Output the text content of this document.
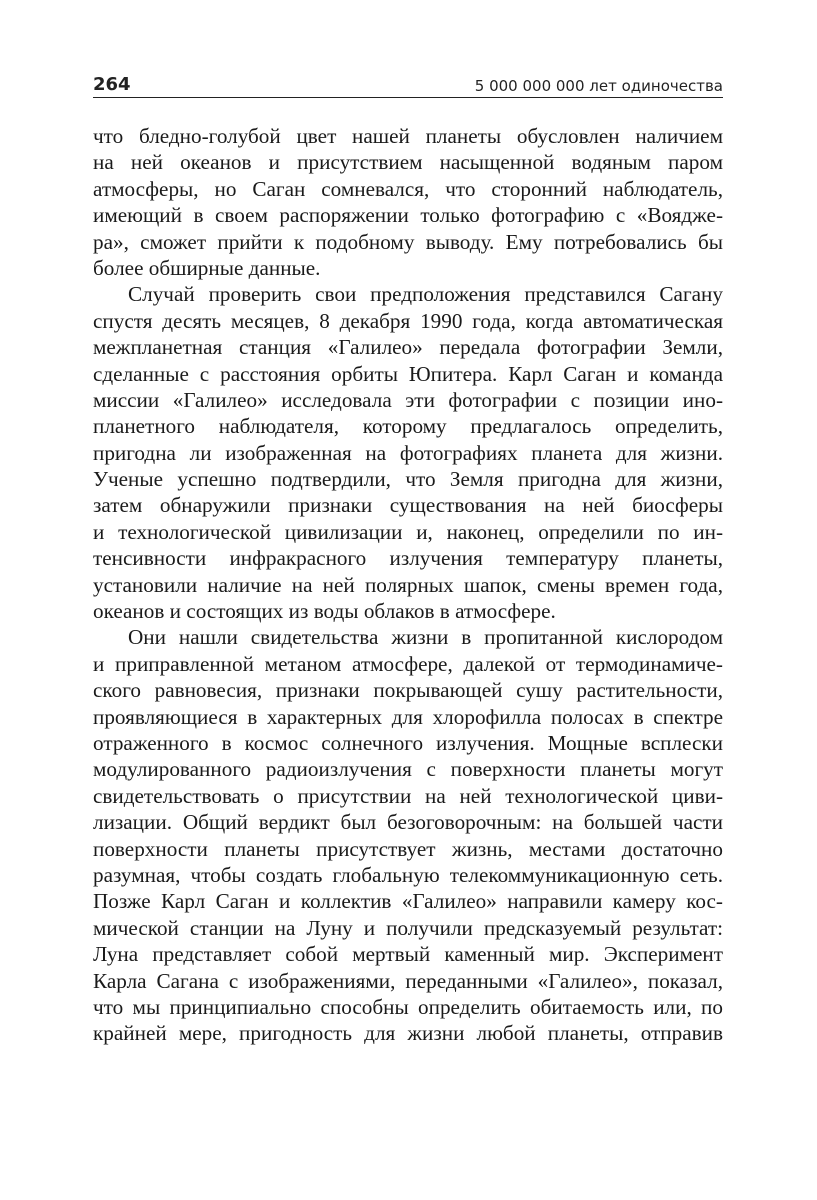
264	5 000 000 000 лет одиночества
что бледно-голубой цвет нашей планеты обусловлен наличием
на ней океанов и присутствием насыщенной водяным паром
атмосферы, но Саган сомневался, что сторонний наблюдатель,
имеющий в своем распоряжении только фотографию с «Воядже-
ра», сможет прийти к подобному выводу. Ему потребовались бы
более обширные данные.
Случай проверить свои предположения представился Сагану
спустя десять месяцев, 8 декабря 1990 года, когда автоматическая
межпланетная станция «Галилео» передала фотографии Земли,
сделанные с расстояния орбиты Юпитера. Карл Саган и команда
миссии «Галилео» исследовала эти фотографии с позиции ино-
планетного наблюдателя, которому предлагалось определить,
пригодна ли изображенная на фотографиях планета для жизни.
Ученые успешно подтвердили, что Земля пригодна для жизни,
затем обнаружили признаки существования на ней биосферы
и технологической цивилизации и, наконец, определили по ин-
тенсивности инфракрасного излучения температуру планеты,
установили наличие на ней полярных шапок, смены времен года,
океанов и состоящих из воды облаков в атмосфере.
Они нашли свидетельства жизни в пропитанной кислородом
и приправленной метаном атмосфере, далекой от термодинамиче-
ского равновесия, признаки покрывающей сушу растительности,
проявляющиеся в характерных для хлорофилла полосах в спектре
отраженного в космос солнечного излучения. Мощные всплески
модулированного радиоизлучения с поверхности планеты могут
свидетельствовать о присутствии на ней технологической циви-
лизации. Общий вердикт был безоговорочным: на большей части
поверхности планеты присутствует жизнь, местами достаточно
разумная, чтобы создать глобальную телекоммуникационную сеть.
Позже Карл Саган и коллектив «Галилео» направили камеру кос-
мической станции на Луну и получили предсказуемый результат:
Луна представляет собой мертвый каменный мир. Эксперимент
Карла Сагана с изображениями, переданными «Галилео», показал,
что мы принципиально способны определить обитаемость или, по
крайней мере, пригодность для жизни любой планеты, отправив
